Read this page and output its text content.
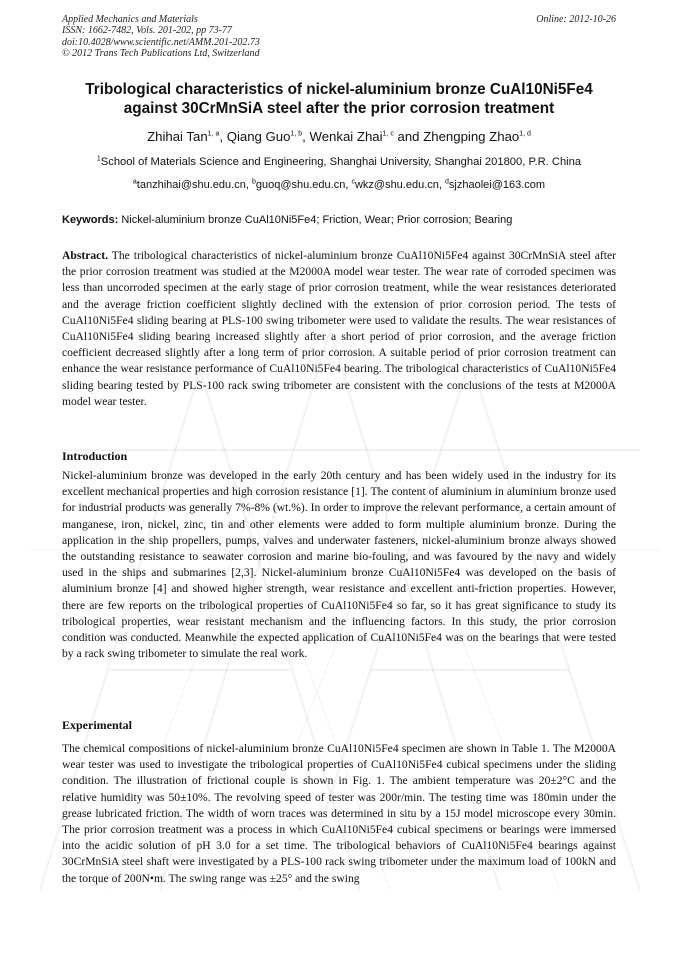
Applied Mechanics and Materials	Online: 2012-10-26
ISSN: 1662-7482, Vols. 201-202, pp 73-77
doi:10.4028/www.scientific.net/AMM.201-202.73
© 2012 Trans Tech Publications Ltd, Switzerland
Tribological characteristics of nickel-aluminium bronze CuAl10Ni5Fe4
against 30CrMnSiA steel after the prior corrosion treatment
Zhihai Tan$^{1, a}$, Qiang Guo$^{1, b}$, Wenkai Zhai$^{1, c}$ and Zhengping Zhao$^{1, d}$
$^1$School of Materials Science and Engineering, Shanghai University, Shanghai 201800, P.R. China
$^a$tanzhihai@shu.edu.cn, $^b$guoq@shu.edu.cn, $^c$wkz@shu.edu.cn, $^d$sjzhaolei@163.com
Keywords: Nickel-aluminium bronze CuAl10Ni5Fe4; Friction, Wear; Prior corrosion; Bearing
Abstract. The tribological characteristics of nickel-aluminium bronze CuAl10Ni5Fe4 against 30CrMnSiA steel after the prior corrosion treatment was studied at the M2000A model wear tester. The wear rate of corroded specimen was less than uncorroded specimen at the early stage of prior corrosion treatment, while the wear resistances deteriorated and the average friction coefficient slightly declined with the extension of prior corrosion period. The tests of CuAl10Ni5Fe4 sliding bearing at PLS-100 swing tribometer were used to validate the results. The wear resistances of CuAl10Ni5Fe4 sliding bearing increased slightly after a short period of prior corrosion, and the average friction coefficient decreased slightly after a long term of prior corrosion. A suitable period of prior corrosion treatment can enhance the wear resistance performance of CuAl10Ni5Fe4 bearing. The tribological characteristics of CuAl10Ni5Fe4 sliding bearing tested by PLS-100 rack swing tribometer are consistent with the conclusions of the tests at M2000A model wear tester.
Introduction
Nickel-aluminium bronze was developed in the early 20th century and has been widely used in the industry for its excellent mechanical properties and high corrosion resistance [1]. The content of aluminium in aluminium bronze used for industrial products was generally 7%-8% (wt.%). In order to improve the relevant performance, a certain amount of manganese, iron, nickel, zinc, tin and other elements were added to form multiple aluminium bronze. During the application in the ship propellers, pumps, valves and underwater fasteners, nickel-aluminium bronze always showed the outstanding resistance to seawater corrosion and marine bio-fouling, and was favoured by the navy and widely used in the ships and submarines [2,3]. Nickel-aluminium bronze CuAl10Ni5Fe4 was developed on the basis of aluminium bronze [4] and showed higher strength, wear resistance and excellent anti-friction properties. However, there are few reports on the tribological properties of CuAl10Ni5Fe4 so far, so it has great significance to study its tribological properties, wear resistant mechanism and the influencing factors. In this study, the prior corrosion condition was conducted. Meanwhile the expected application of CuAl10Ni5Fe4 was on the bearings that were tested by a rack swing tribometer to simulate the real work.
Experimental
The chemical compositions of nickel-aluminium bronze CuAl10Ni5Fe4 specimen are shown in Table 1. The M2000A wear tester was used to investigate the tribological properties of CuAl10Ni5Fe4 cubical specimens under the sliding condition. The illustration of frictional couple is shown in Fig. 1. The ambient temperature was 20±2°C and the relative humidity was 50±10%. The revolving speed of tester was 200r/min. The testing time was 180min under the grease lubricated friction. The width of worn traces was determined in situ by a 15J model microscope every 30min. The prior corrosion treatment was a process in which CuAl10Ni5Fe4 cubical specimens or bearings were immersed into the acidic solution of pH 3.0 for a set time. The tribological behaviors of CuAl10Ni5Fe4 bearings against 30CrMnSiA steel shaft were investigated by a PLS-100 rack swing tribometer under the maximum load of 100kN and the torque of 200N•m. The swing range was ±25° and the swing
